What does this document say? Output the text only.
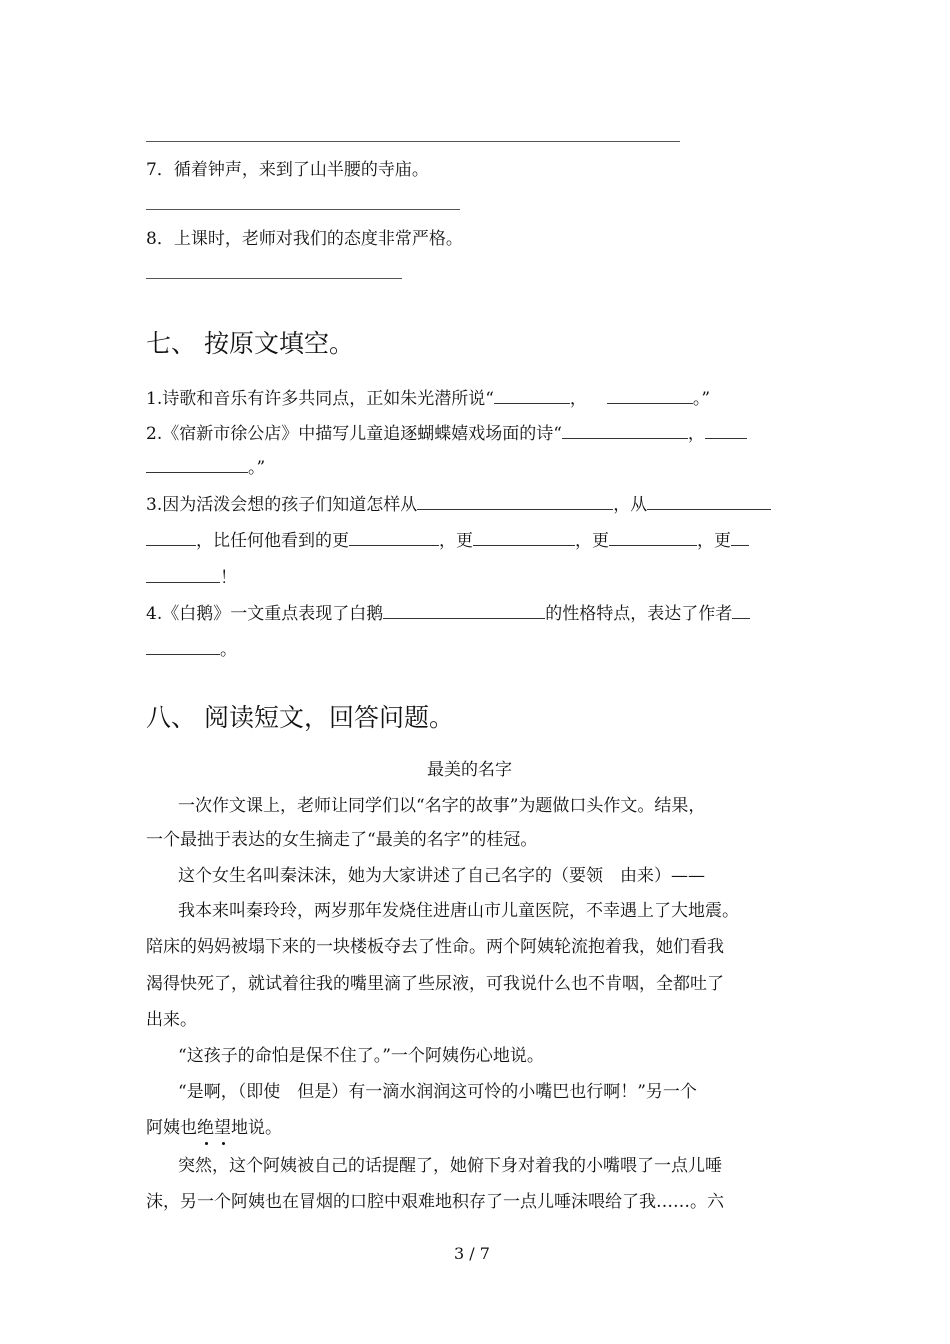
7．循着钟声，来到了山半腰的寺庙。
8．上课时，老师对我们的态度非常严格。
七、 按原文填空。
1.诗歌和音乐有许多共同点，正如朱光潜所说“	，	。”
2.《宿新市徐公店》中描写儿童追逐蝴蝶嬉戏场面的诗“	，
。”
3.因为活泼会想的孩子们知道怎样从	，从
，比任何他看到的更	，更	，更	，更
！
4.《白鹅》一文重点表现了白鹅	的性格特点，表达了作者
。
八、 阅读短文，回答问题。
最美的名字
一次作文课上，老师让同学们以“名字的故事”为题做口头作文。结果，
一个最拙于表达的女生摘走了“最美的名字”的桂冠。
这个女生名叫秦沫沫，她为大家讲述了自己名字的（要领　由来）——
我本来叫秦玲玲，两岁那年发烧住进唐山市儿童医院，不幸遇上了大地震。
陪床的妈妈被塌下来的一块楼板夺去了性命。两个阿姨轮流抱着我，她们看我
渴得快死了，就试着往我的嘴里滴了些尿液，可我说什么也不肯咽，全都吐了
出来。
“这孩子的命怕是保不住了。”一个阿姨伤心地说。
“是啊，（即使　但是）有一滴水润润这可怜的小嘴巴也行啊！”另一个
阿姨也绝望地说。
突然，这个阿姨被自己的话提醒了，她俯下身对着我的小嘴喂了一点儿唾
沫，另一个阿姨也在冒烟的口腔中艰难地积存了一点儿唾沫喂给了我……。六
3 / 7
